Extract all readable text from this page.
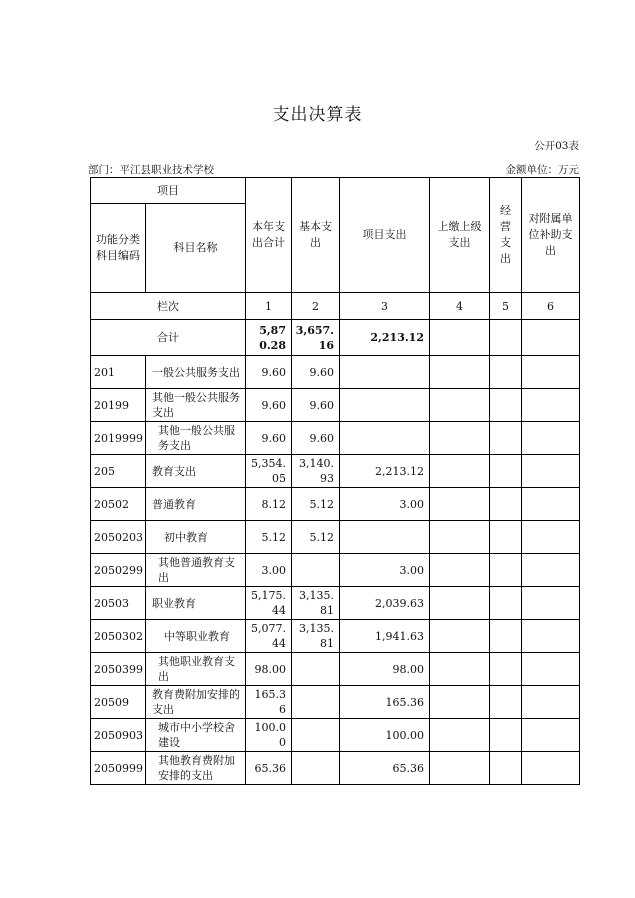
支出决算表
公开03表
部门：平江县职业技术学校	金额单位：万元
项目		本年支出合计	基本支出	项目支出	上缴上级支出	经营支出	对附属单位补助支出
功能分类科目编码	科目名称						
栏次		1	2	3	4	5	6
合计		5,870.28	3,657.16	2,213.12			
201	一般公共服务支出	9.60	9.60				
20199	其他一般公共服务支出	9.60	9.60				
2019999	其他一般公共服务支出	9.60	9.60				
205	教育支出	5,354.05	3,140.93	2,213.12			
20502	普通教育	8.12	5.12	3.00			
2050203	初中教育	5.12	5.12				
2050299	其他普通教育支出	3.00		3.00			
20503	职业教育	5,175.44	3,135.81	2,039.63			
2050302	中等职业教育	5,077.44	3,135.81	1,941.63			
2050399	其他职业教育支出	98.00		98.00			
20509	教育费附加安排的支出	165.36		165.36			
2050903	城市中小学校舍建设	100.00		100.00			
2050999	其他教育费附加安排的支出	65.36		65.36			
